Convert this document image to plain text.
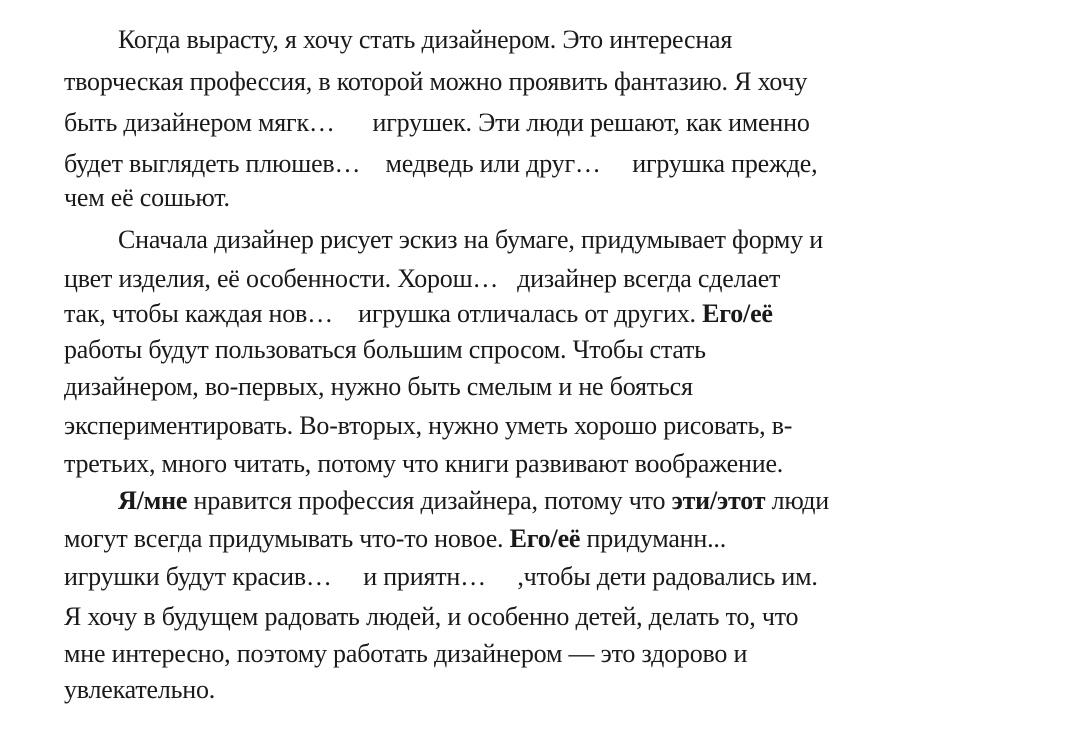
Когда вырасту, я хочу стать дизайнером. Это интересная
творческая профессия, в которой можно проявить фантазию. Я хочу
быть дизайнером мягк…      игрушек. Эти люди решают, как именно
будет выглядеть плюшев…    медведь или друг…     игрушка прежде,
чем её сошьют.
Сначала дизайнер рисует эскиз на бумаге, придумывает форму и
цвет изделия, её особенности. Хорош…   дизайнер всегда сделает
так, чтобы каждая нов…    игрушка отличалась от других. Его/её
работы будут пользоваться большим спросом. Чтобы стать
дизайнером, во-первых, нужно быть смелым и не бояться
экспериментировать. Во-вторых, нужно уметь хорошо рисовать, в-
третьих, много читать, потому что книги развивают воображение.
Я/мне нравится профессия дизайнера, потому что эти/этот люди
могут всегда придумывать что-то новое. Его/её придуманн...
игрушки будут красив…     и приятн…     ,чтобы дети радовались им.
Я хочу в будущем радовать людей, и особенно детей, делать то, что
мне интересно, поэтому работать дизайнером — это здорово и
увлекательно.
